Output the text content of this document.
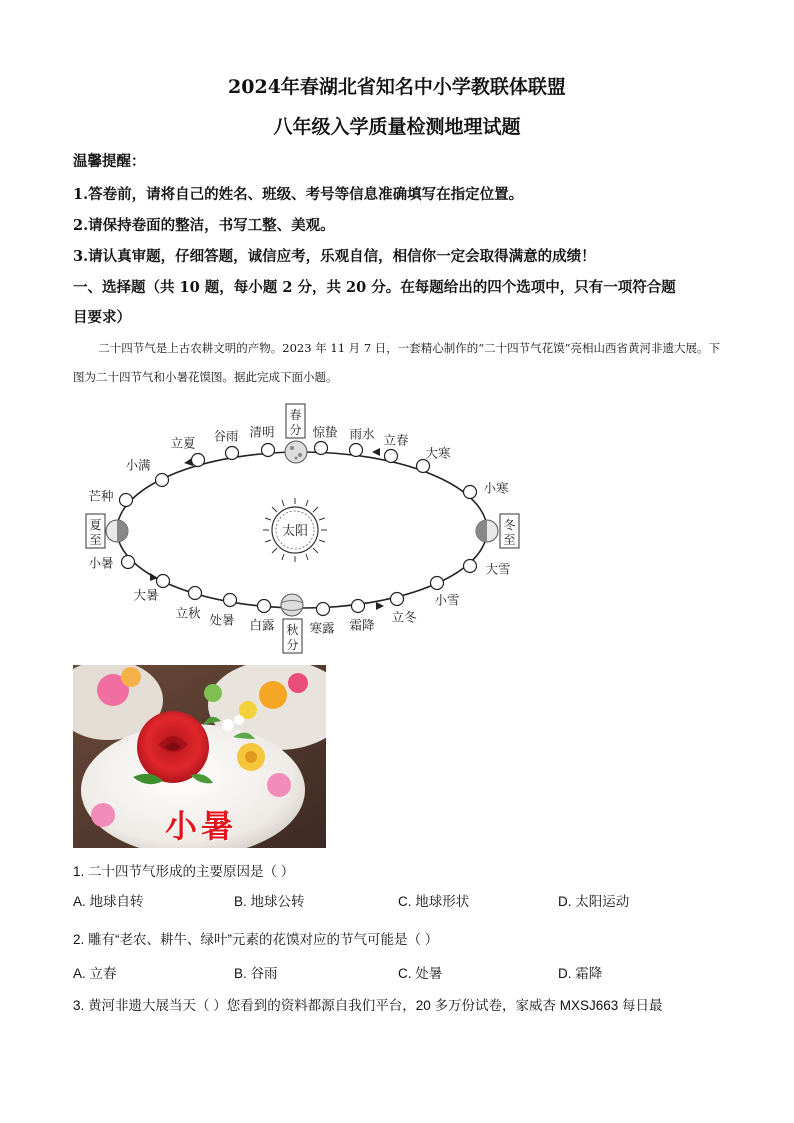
2024年春湖北省知名中小学教联体联盟
八年级入学质量检测地理试题
温馨提醒：
1.答卷前，请将自己的姓名、班级、考号等信息准确填写在指定位置。
2.请保持卷面的整洁，书写工整、美观。
3.请认真审题，仔细答题，诚信应考，乐观自信，相信你一定会取得满意的成绩！
一、选择题（共 10 题，每小题 2 分，共 20 分。在每题给出的四个选项中，只有一项符合题
目要求）
二十四节气是上古农耕文明的产物。2023 年 11 月 7 日，一套精心制作的“二十四节气花馍”亮相山西省黄河非遗大展。下图为二十四节气和小暑花馍图。据此完成下面小题。
太阳
春分
秋分
夏至
冬至
惊蛰 雨水 立春
大寒
小寒
大雪
小雪
立冬
霜降
寒露
白露
处暑
立秋
大暑
小暑
芒种
小满
立夏 谷雨 清明
小暑
1. 二十四节气形成的主要原因是（ ）
A. 地球自转	B. 地球公转	C. 地球形状	D. 太阳运动
2. 雕有“老农、耕牛、绿叶”元素的花馍对应的节气可能是（ ）
A. 立春	B. 谷雨	C. 处暑	D. 霜降
3. 黄河非遗大展当天（ ）您看到的资料都源自我们平台，20 多万份试卷，家威杏 MXSJ663 每日最
